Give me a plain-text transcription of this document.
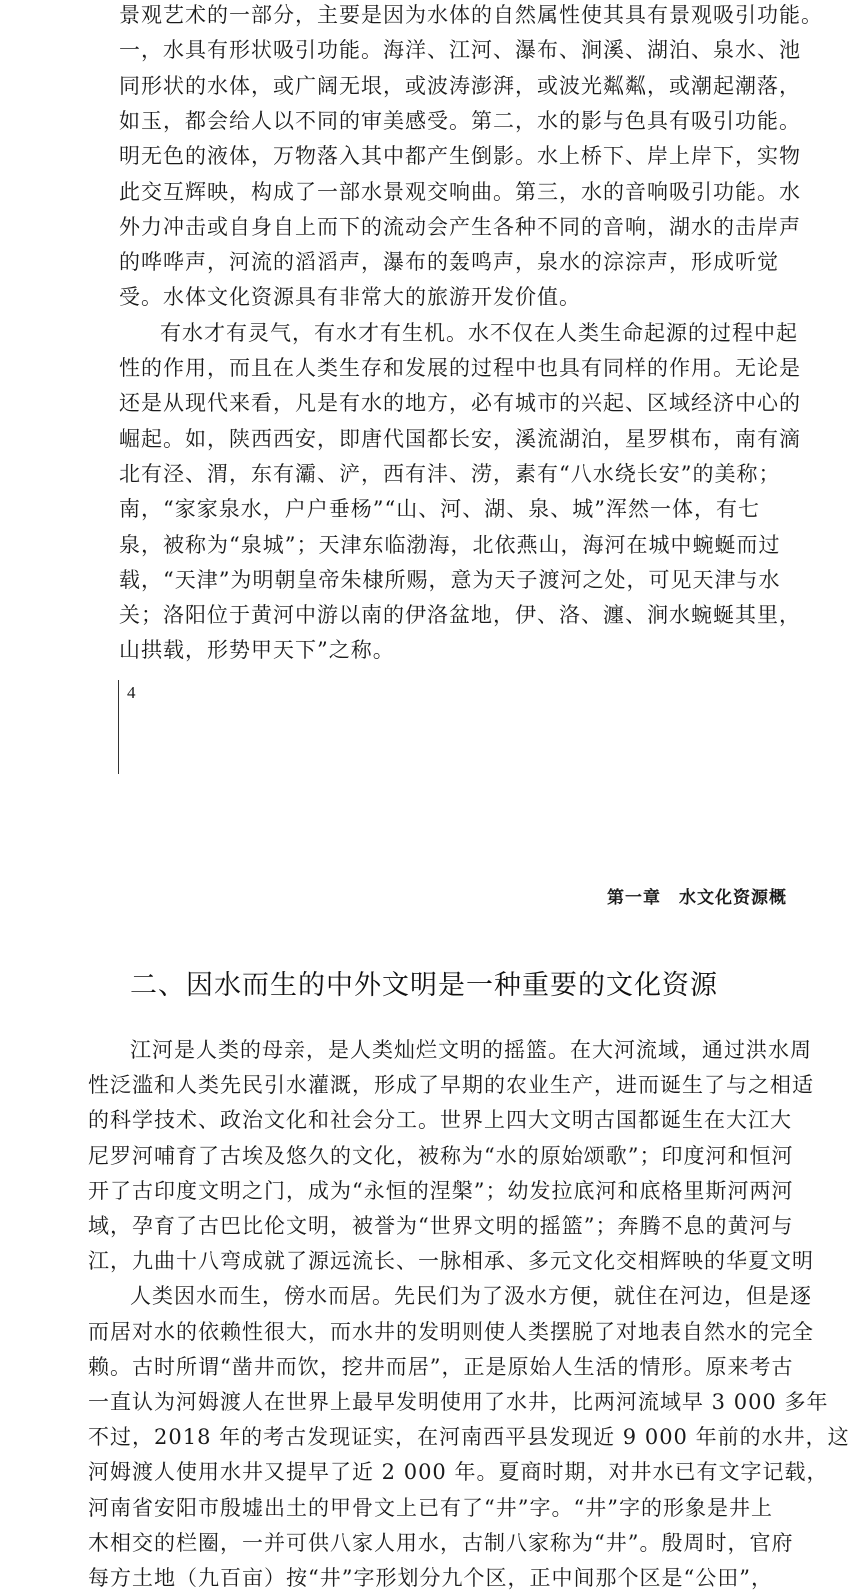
景观艺术的一部分，主要是因为水体的自然属性使其具有景观吸引功能。
一，水具有形状吸引功能。海洋、江河、瀑布、涧溪、湖泊、泉水、池
同形状的水体，或广阔无垠，或波涛澎湃，或波光粼粼，或潮起潮落，
如玉，都会给人以不同的审美感受。第二，水的影与色具有吸引功能。
明无色的液体，万物落入其中都产生倒影。水上桥下、岸上岸下，实物
此交互辉映，构成了一部水景观交响曲。第三，水的音响吸引功能。水
外力冲击或自身自上而下的流动会产生各种不同的音响，湖水的击岸声
的哗哗声，河流的滔滔声，瀑布的轰鸣声，泉水的淙淙声，形成听觉
受。水体文化资源具有非常大的旅游开发价值。
有水才有灵气，有水才有生机。水不仅在人类生命起源的过程中起
性的作用，而且在人类生存和发展的过程中也具有同样的作用。无论是
还是从现代来看，凡是有水的地方，必有城市的兴起、区域经济中心的
崛起。如，陕西西安，即唐代国都长安，溪流湖泊，星罗棋布，南有滴
北有泾、渭，东有灞、浐，西有沣、涝，素有“八水绕长安”的美称；
南，“家家泉水，户户垂杨”“山、河、湖、泉、城”浑然一体，有七
泉，被称为“泉城”；天津东临渤海，北依燕山，海河在城中蜿蜒而过
载，“天津”为明朝皇帝朱棣所赐，意为天子渡河之处，可见天津与水
关；洛阳位于黄河中游以南的伊洛盆地，伊、洛、瀍、涧水蜿蜒其里，
山拱载，形势甲天下”之称。
4
第一章　水文化资源概
二、因水而生的中外文明是一种重要的文化资源
江河是人类的母亲，是人类灿烂文明的摇篮。在大河流域，通过洪水周
性泛滥和人类先民引水灌溉，形成了早期的农业生产，进而诞生了与之相适
的科学技术、政治文化和社会分工。世界上四大文明古国都诞生在大江大
尼罗河哺育了古埃及悠久的文化，被称为“水的原始颂歌”；印度河和恒河
开了古印度文明之门，成为“永恒的涅槃”；幼发拉底河和底格里斯河两河
域，孕育了古巴比伦文明，被誉为“世界文明的摇篮”；奔腾不息的黄河与
江，九曲十八弯成就了源远流长、一脉相承、多元文化交相辉映的华夏文明
人类因水而生，傍水而居。先民们为了汲水方便，就住在河边，但是逐
而居对水的依赖性很大，而水井的发明则使人类摆脱了对地表自然水的完全
赖。古时所谓“凿井而饮，挖井而居”，正是原始人生活的情形。原来考古
一直认为河姆渡人在世界上最早发明使用了水井，比两河流域早 3 000 多年
不过，2018 年的考古发现证实，在河南西平县发现近 9 000 年前的水井，这
河姆渡人使用水井又提早了近 2 000 年。夏商时期，对井水已有文字记载，
河南省安阳市殷墟出土的甲骨文上已有了“井”字。“井”字的形象是井上
木相交的栏圈，一并可供八家人用水，古制八家称为“井”。殷周时，官府
每方土地（九百亩）按“井”字形划分九个区，正中间那个区是“公田”，
